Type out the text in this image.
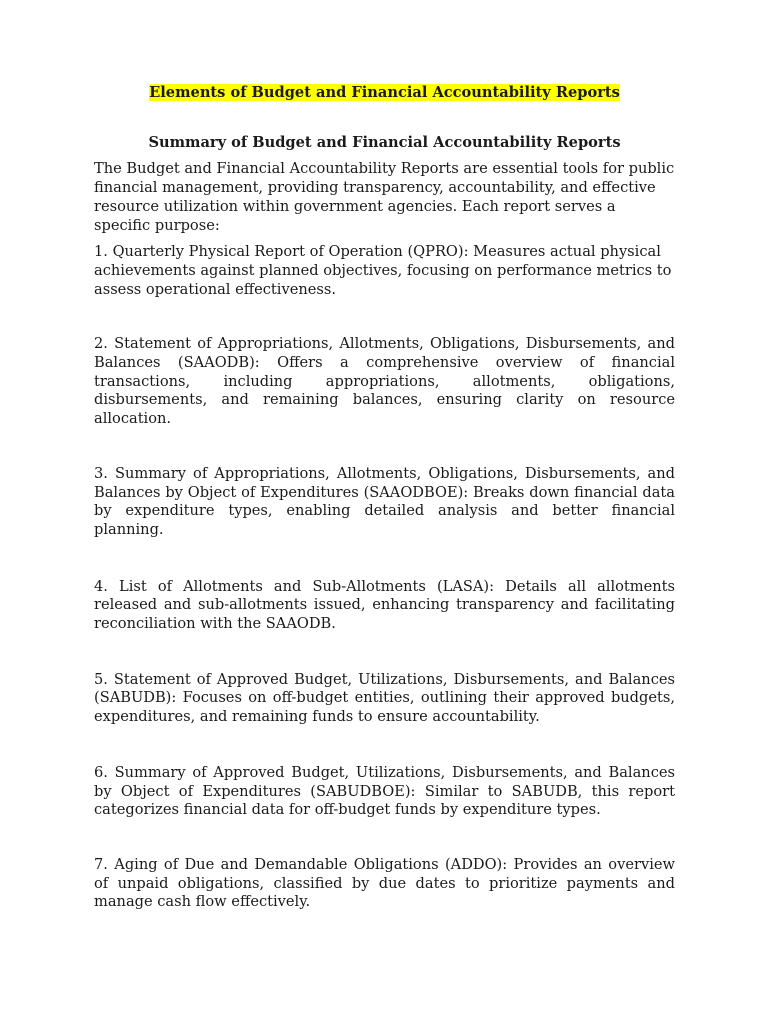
Elements of Budget and Financial Accountability Reports

Summary of Budget and Financial Accountability Reports

The Budget and Financial Accountability Reports are essential tools for public financial management, providing transparency, accountability, and effective resource utilization within government agencies. Each report serves a specific purpose:

1. Quarterly Physical Report of Operation (QPRO): Measures actual physical achievements against planned objectives, focusing on performance metrics to assess operational effectiveness.

2. Statement of Appropriations, Allotments, Obligations, Disbursements, and Balances (SAAODB): Offers a comprehensive overview of financial transactions, including appropriations, allotments, obligations, disbursements, and remaining balances, ensuring clarity on resource allocation.

3. Summary of Appropriations, Allotments, Obligations, Disbursements, and Balances by Object of Expenditures (SAAODBOE): Breaks down financial data by expenditure types, enabling detailed analysis and better financial planning.

4. List of Allotments and Sub-Allotments (LASA): Details all allotments released and sub-allotments issued, enhancing transparency and facilitating reconciliation with the SAAODB.

5. Statement of Approved Budget, Utilizations, Disbursements, and Balances (SABUDB): Focuses on off-budget entities, outlining their approved budgets, expenditures, and remaining funds to ensure accountability.

6. Summary of Approved Budget, Utilizations, Disbursements, and Balances by Object of Expenditures (SABUDBOE): Similar to SABUDB, this report categorizes financial data for off-budget funds by expenditure types.

7. Aging of Due and Demandable Obligations (ADDO): Provides an overview of unpaid obligations, classified by due dates to prioritize payments and manage cash flow effectively.
